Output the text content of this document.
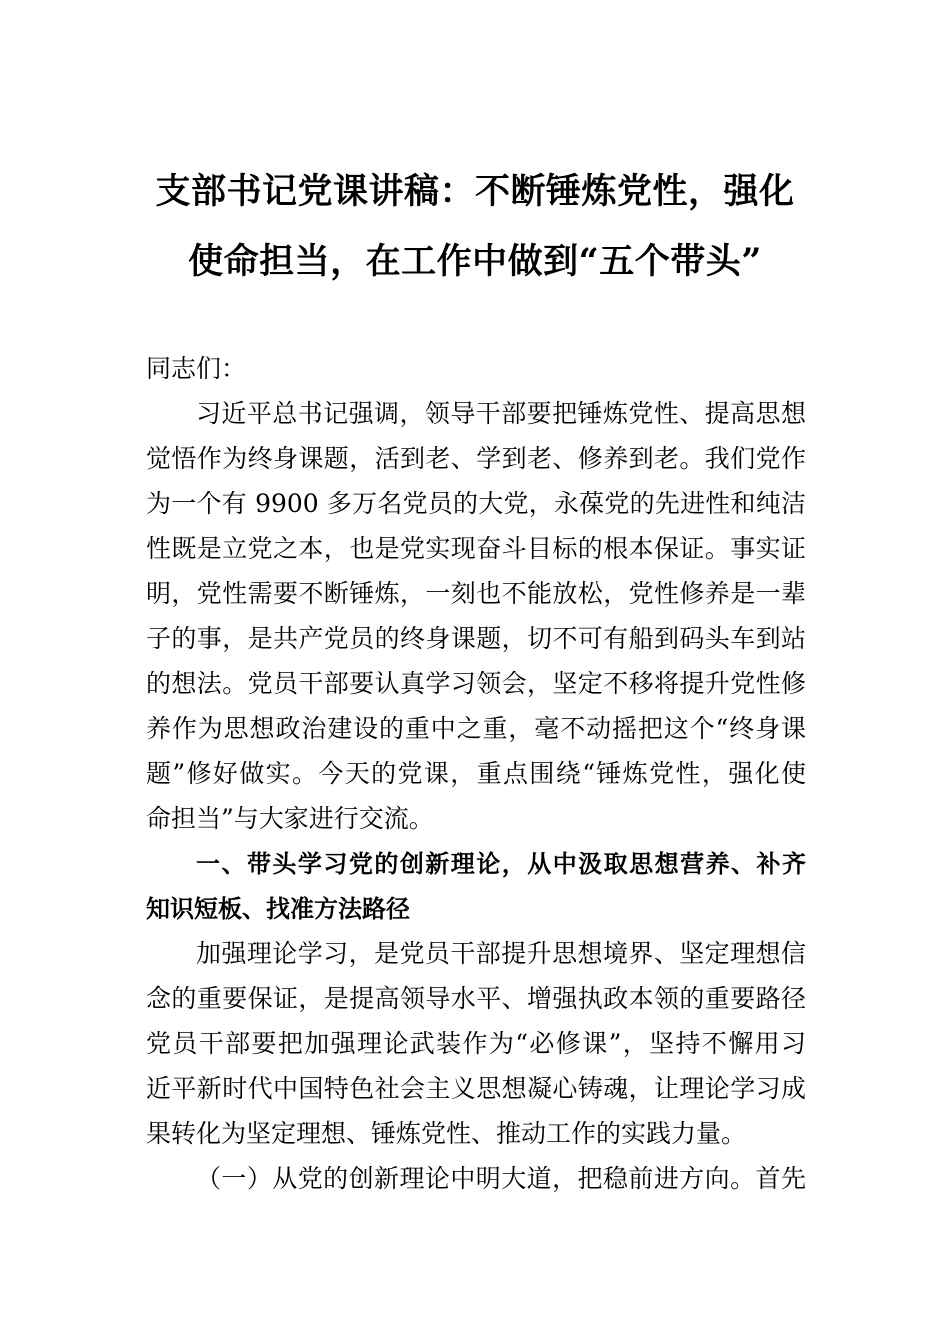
支部书记党课讲稿：不断锤炼党性，强化
使命担当，在工作中做到“五个带头”
同志们：
习近平总书记强调，领导干部要把锤炼党性、提高思想
觉悟作为终身课题，活到老、学到老、修养到老。我们党作
为一个有 9900 多万名党员的大党，永葆党的先进性和纯洁
性既是立党之本，也是党实现奋斗目标的根本保证。事实证
明，党性需要不断锤炼，一刻也不能放松，党性修养是一辈
子的事，是共产党员的终身课题，切不可有船到码头车到站
的想法。党员干部要认真学习领会，坚定不移将提升党性修
养作为思想政治建设的重中之重，毫不动摇把这个“终身课
题”修好做实。今天的党课，重点围绕“锤炼党性，强化使
命担当”与大家进行交流。
一、带头学习党的创新理论，从中汲取思想营养、补齐
知识短板、找准方法路径
加强理论学习，是党员干部提升思想境界、坚定理想信
念的重要保证，是提高领导水平、增强执政本领的重要路径
党员干部要把加强理论武装作为“必修课”，坚持不懈用习
近平新时代中国特色社会主义思想凝心铸魂，让理论学习成
果转化为坚定理想、锤炼党性、推动工作的实践力量。
（一）从党的创新理论中明大道，把稳前进方向。首先
